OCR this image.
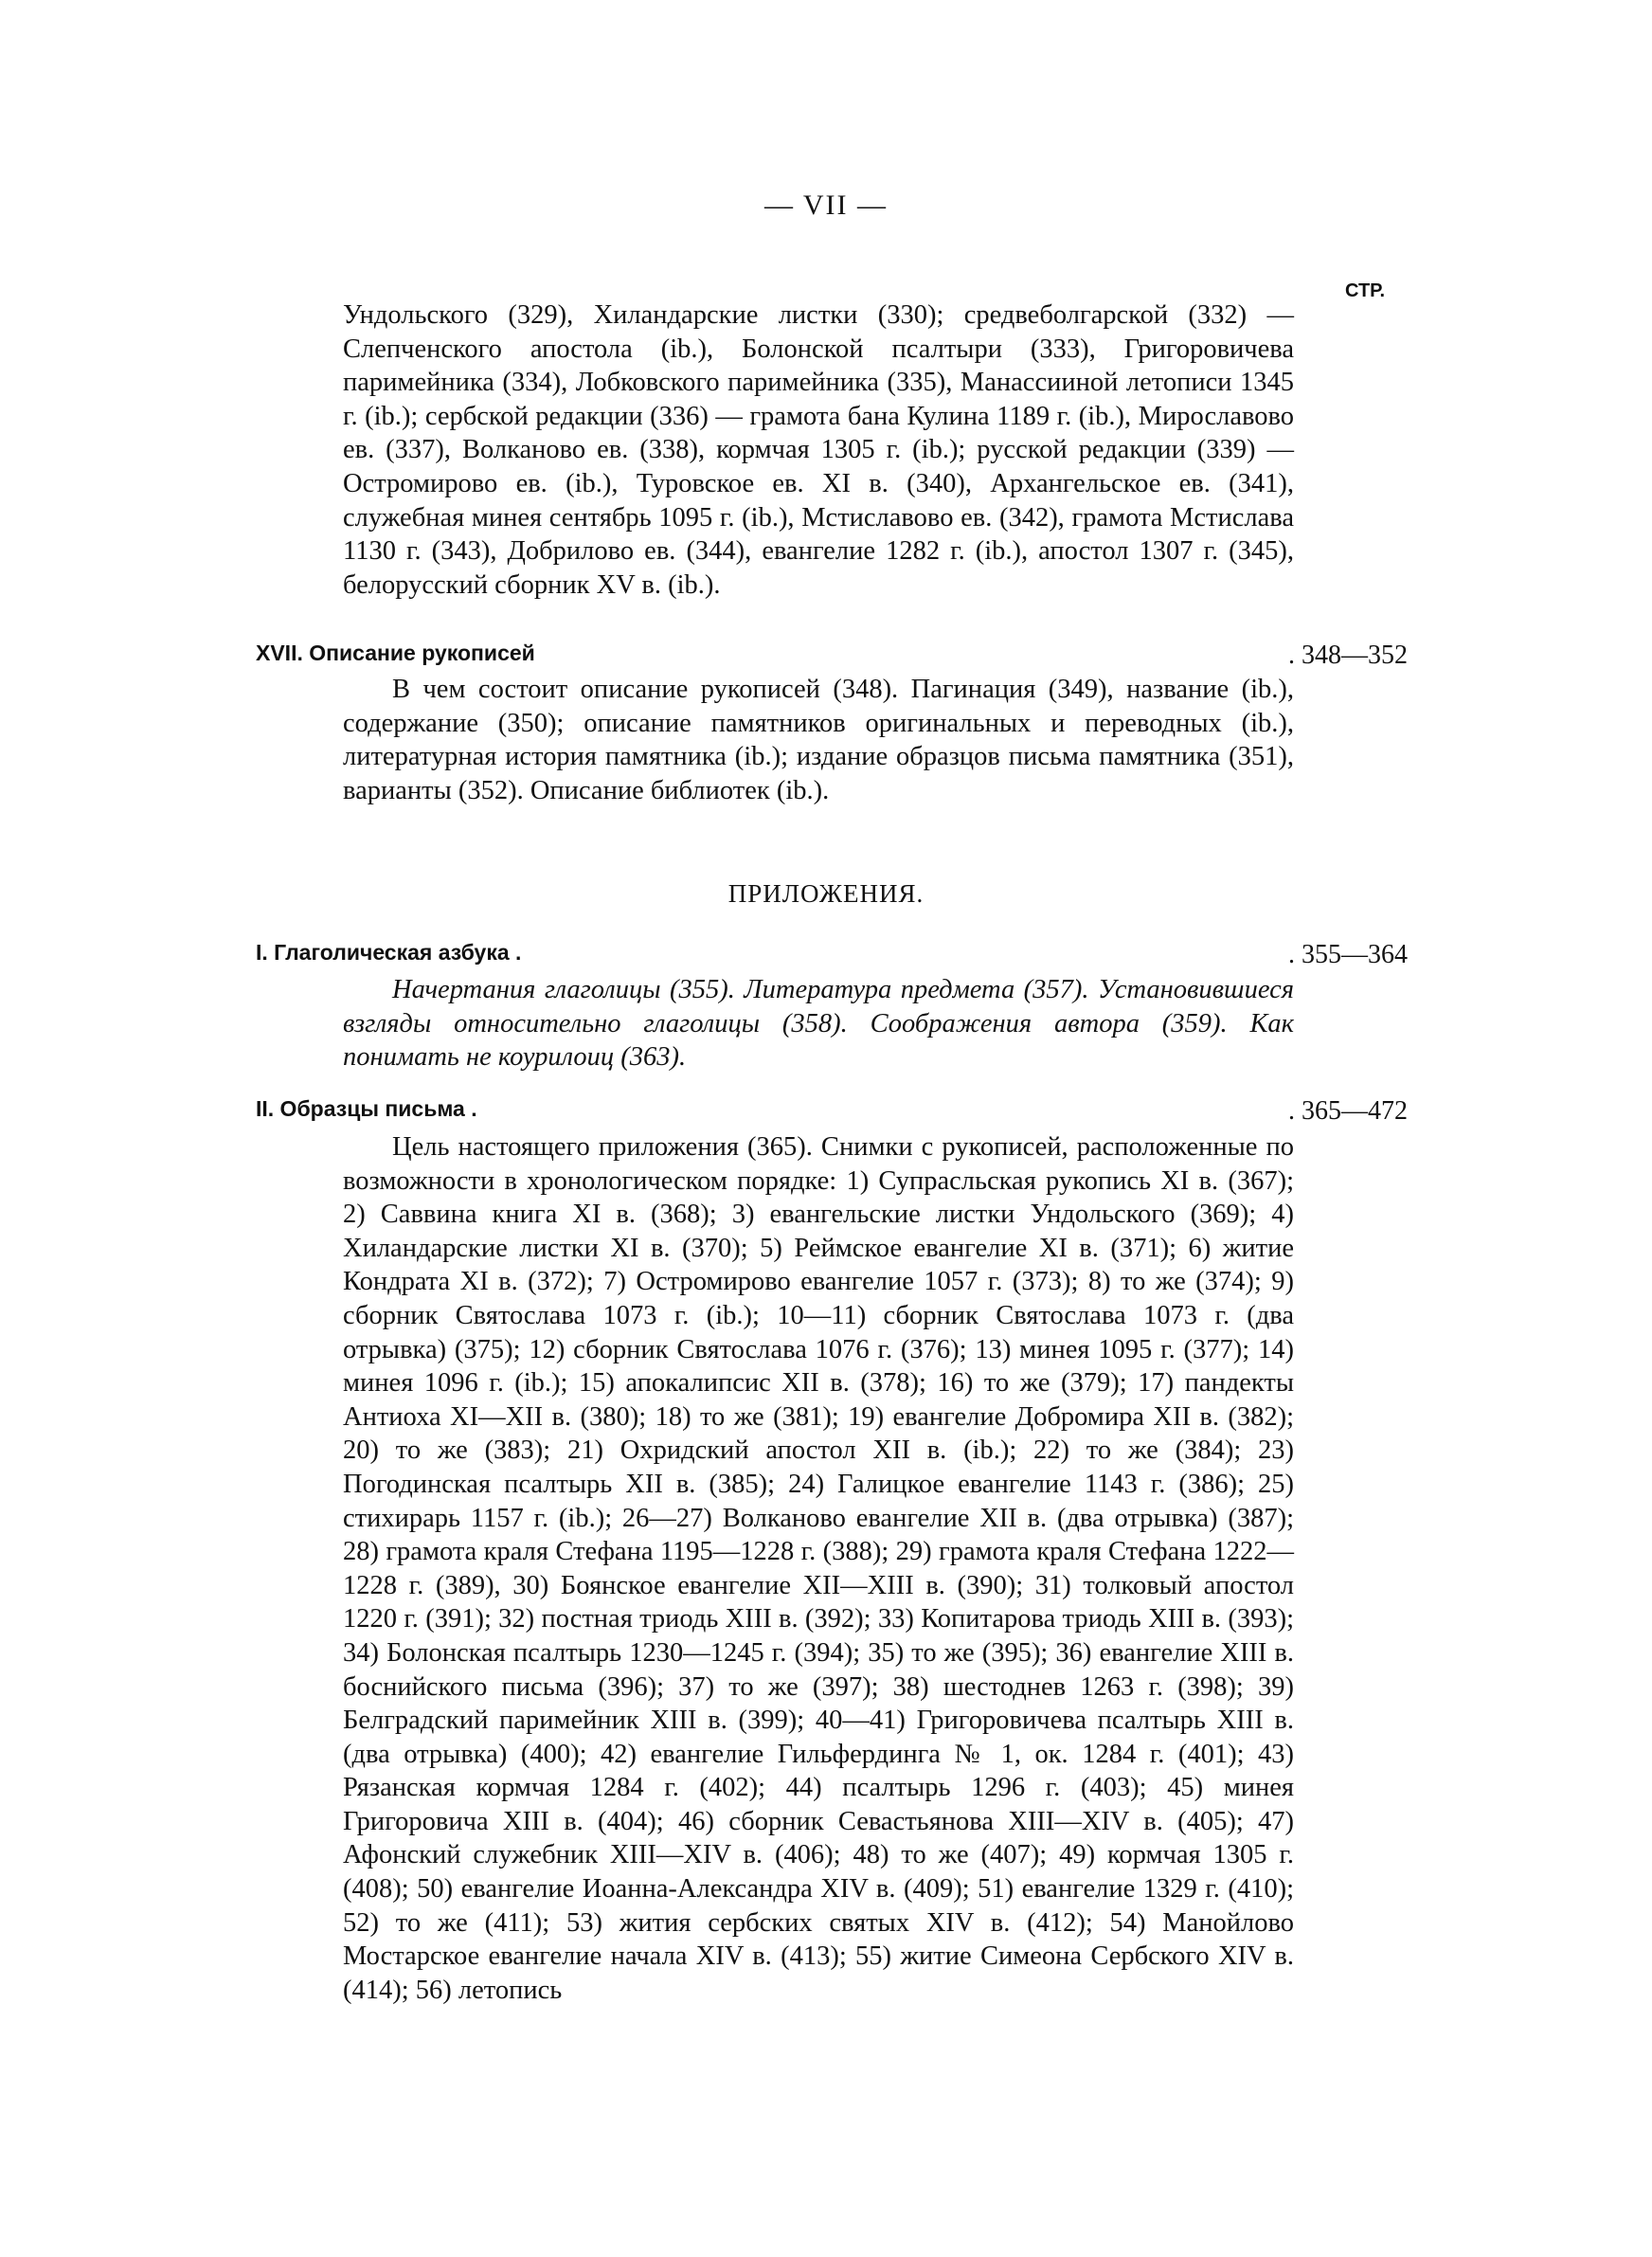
— VII —
СТР.
Ундольского (329), Хиландарские листки (330); средвеболгарской (332) — Слепченского апостола (ib.), Болонской псалтыри (333), Григоровичева паримейника (334), Лобковского паримейника (335), Манассииной летописи 1345 г. (ib.); сербской редакции (336) — грамота бана Кулина 1189 г. (ib.), Мирославово ев. (337), Волканово ев. (338), кормчая 1305 г. (ib.); русской редакции (339) — Остромирово ев. (ib.), Туровское ев. XI в. (340), Архангельское ев. (341), служебная минея сентябрь 1095 г. (ib.), Мстиславово ев. (342), грамота Мстислава 1130 г. (343), Добрилово ев. (344), евангелие 1282 г. (ib.), апостол 1307 г. (345), белорусский сборник XV в. (ib.).
XVII. Описание рукописей	. 348—352
В чем состоит описание рукописей (348). Пагинация (349), название (ib.), содержание (350); описание памятников оригинальных и переводных (ib.), литературная история памятника (ib.); издание образцов письма памятника (351), варианты (352). Описание библиотек (ib.).
ПРИЛОЖЕНИЯ.
I. Глаголическая азбука .	. 355—364
Начертания глаголицы (355). Литература предмета (357). Установившиеся взгляды относительно глаголицы (358). Соображения автора (359). Как понимать не коурилоиц (363).
II. Образцы письма .	. 365—472
Цель настоящего приложения (365). Снимки с рукописей, расположенные по возможности в хронологическом порядке: 1) Супрасльская рукопись XI в. (367); 2) Саввина книга XI в. (368); 3) евангельские листки Ундольского (369); 4) Хиландарские листки XI в. (370); 5) Реймское евангелие XI в. (371); 6) житие Кондрата XI в. (372); 7) Остромирово евангелие 1057 г. (373); 8) то же (374); 9) сборник Святослава 1073 г. (ib.); 10—11) сборник Святослава 1073 г. (два отрывка) (375); 12) сборник Святослава 1076 г. (376); 13) минея 1095 г. (377); 14) минея 1096 г. (ib.); 15) апокалипсис XII в. (378); 16) то же (379); 17) пандекты Антиоха XI—XII в. (380); 18) то же (381); 19) евангелие Добромира XII в. (382); 20) то же (383); 21) Охридский апостол XII в. (ib.); 22) то же (384); 23) Погодинская псалтырь XII в. (385); 24) Галицкое евангелие 1143 г. (386); 25) стихирарь 1157 г. (ib.); 26—27) Волканово евангелие XII в. (два отрывка) (387); 28) грамота краля Стефана 1195—1228 г. (388); 29) грамота краля Стефана 1222—1228 г. (389), 30) Боянское евангелие XII—XIII в. (390); 31) толковый апостол 1220 г. (391); 32) постная триодь XIII в. (392); 33) Копитарова триодь XIII в. (393); 34) Болонская псалтырь 1230—1245 г. (394); 35) то же (395); 36) евангелие XIII в. боснийского письма (396); 37) то же (397); 38) шестоднев 1263 г. (398); 39) Белградский паримейник XIII в. (399); 40—41) Григоровичева псалтырь XIII в. (два отрывка) (400); 42) евангелие Гильфердинга № 1, ок. 1284 г. (401); 43) Рязанская кормчая 1284 г. (402); 44) псалтырь 1296 г. (403); 45) минея Григоровича XIII в. (404); 46) сборник Севастьянова XIII—XIV в. (405); 47) Афонский служебник XIII—XIV в. (406); 48) то же (407); 49) кормчая 1305 г. (408); 50) евангелие Иоанна-Александра XIV в. (409); 51) евангелие 1329 г. (410); 52) то же (411); 53) жития сербских святых XIV в. (412); 54) Манойлово Мостарское евангелие начала XIV в. (413); 55) житие Симеона Сербского XIV в. (414); 56) летопись
